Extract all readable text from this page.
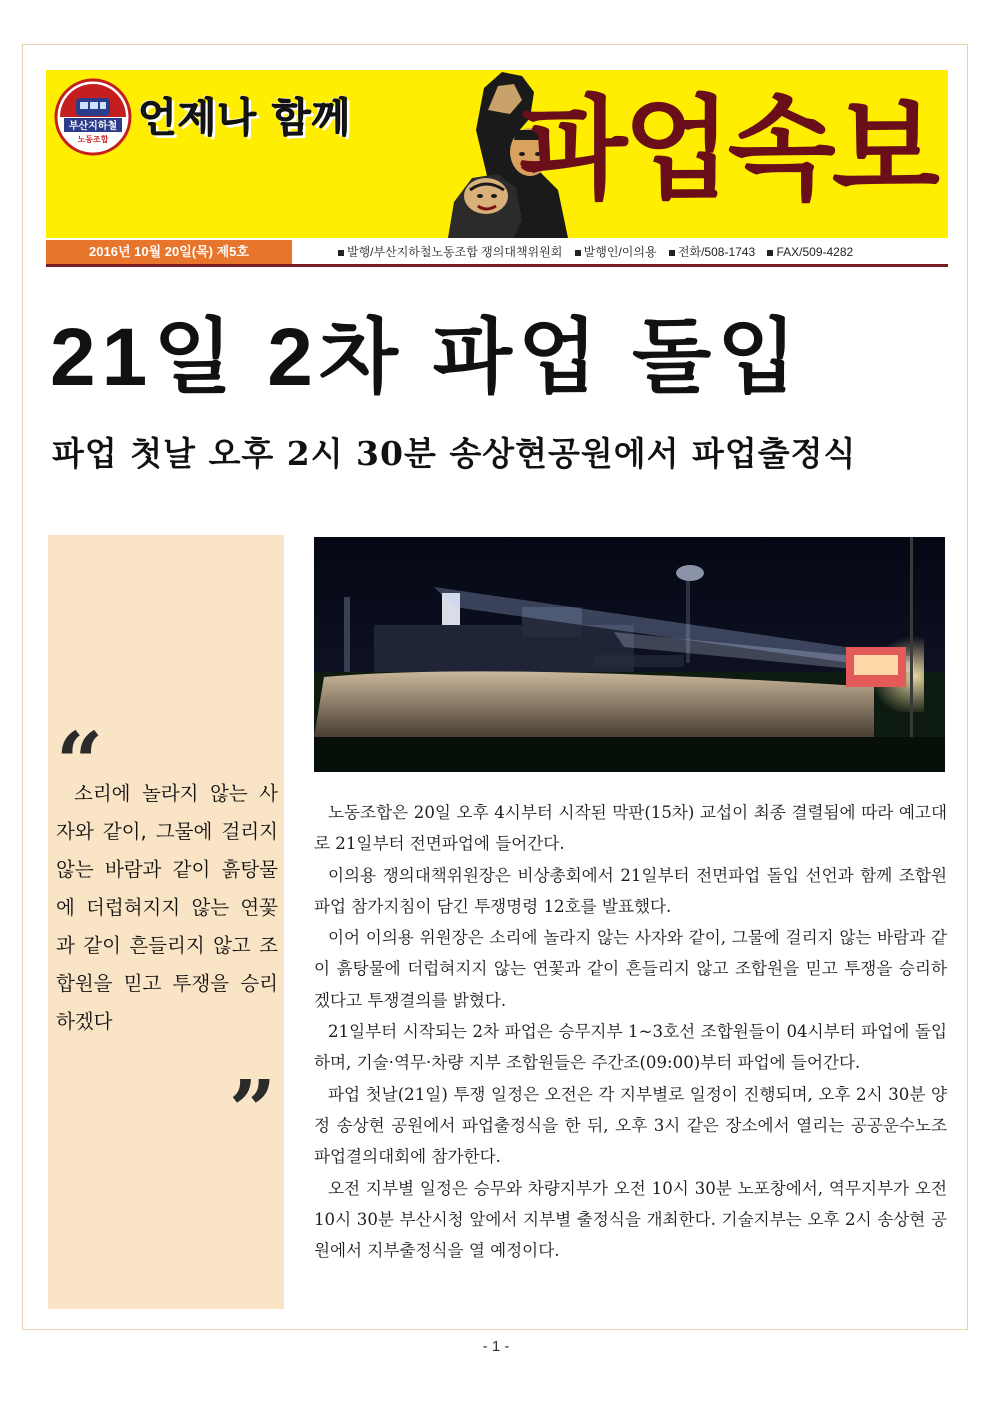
부산지하철
노동조합 언제나 함께 파업속보
2016년 10월 20일(목) 제5호	발행/부산지하철노동조합 쟁의대책위원회 발행인/이의용 전화/508-1743 FAX/509-4282
21일 2차 파업 돌입
파업 첫날 오후 2시 30분 송상현공원에서 파업출정식
“
소리에 놀라지 않는 사자와 같이, 그물에 걸리지 않는 바람과 같이 흙탕물에 더럽혀지지 않는 연꽃과 같이 흔들리지 않고 조합원을 믿고 투쟁을 승리하겠다
”

노동조합은 20일 오후 4시부터 시작된 막판(15차) 교섭이 최종 결렬됨에 따라 예고대로 21일부터 전면파업에 들어간다.

이의용 쟁의대책위원장은 비상총회에서 21일부터 전면파업 돌입 선언과 함께 조합원 파업 참가지침이 담긴 투쟁명령 12호를 발표했다.

이어 이의용 위원장은 소리에 놀라지 않는 사자와 같이, 그물에 걸리지 않는 바람과 같이 흙탕물에 더럽혀지지 않는 연꽃과 같이 흔들리지 않고 조합원을 믿고 투쟁을 승리하겠다고 투쟁결의를 밝혔다.

21일부터 시작되는 2차 파업은 승무지부 1~3호선 조합원들이 04시부터 파업에 돌입하며, 기술·역무·차량 지부 조합원들은 주간조(09:00)부터 파업에 들어간다.

파업 첫날(21일) 투쟁 일정은 오전은 각 지부별로 일정이 진행되며, 오후 2시 30분 양정 송상현 공원에서 파업출정식을 한 뒤, 오후 3시 같은 장소에서 열리는 공공운수노조 파업결의대회에 참가한다.

오전 지부별 일정은 승무와 차량지부가 오전 10시 30분 노포창에서, 역무지부가 오전 10시 30분 부산시청 앞에서 지부별 출정식을 개최한다. 기술지부는 오후 2시 송상현 공원에서 지부출정식을 열 예정이다.

- 1 -
